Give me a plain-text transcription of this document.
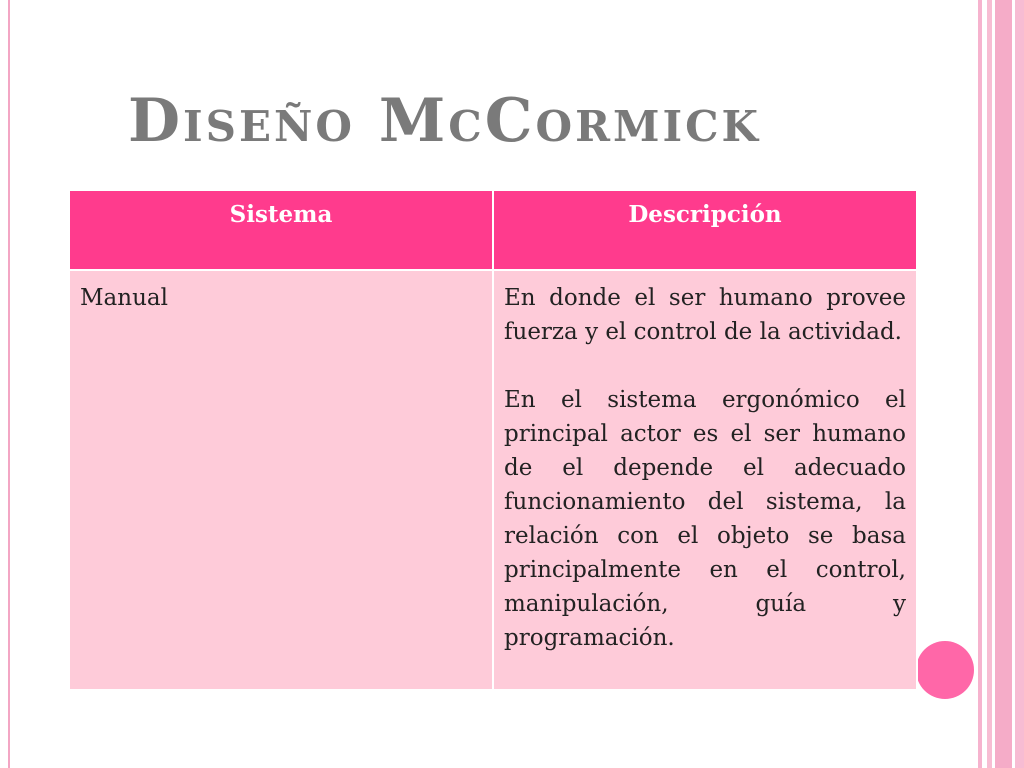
Diseño McCormick
Sistema	Descripción
Manual	En donde el ser humano provee fuerza y el control de la actividad.

En el sistema ergonómico el principal actor es el ser humano de el depende el adecuado funcionamiento del sistema, la relación con el objeto se basa principalmente en el control, manipulación, guía y programación.
